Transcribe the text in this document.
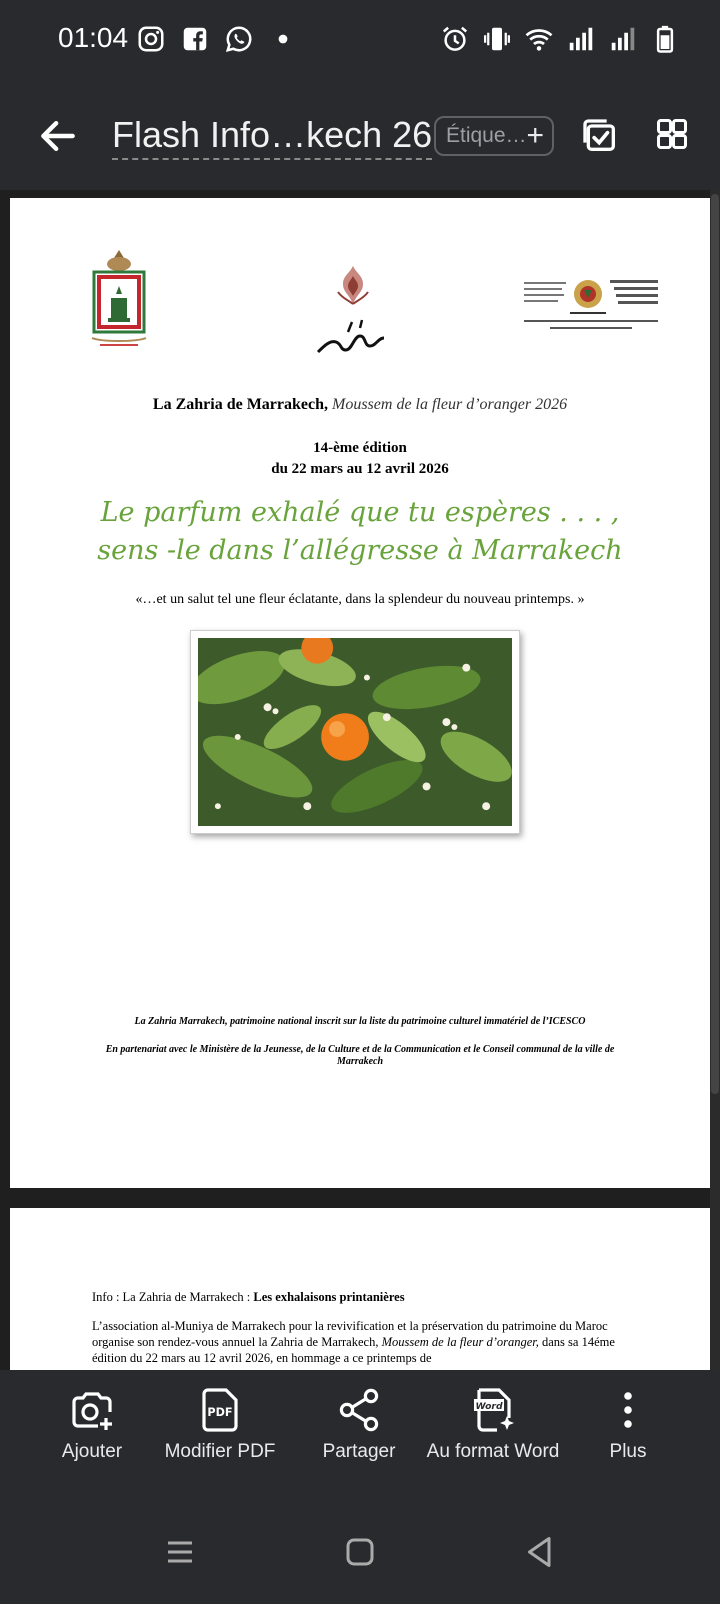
01:04
Flash Info…kech 26 Étique… +
La Zahria de Marrakech, Moussem de la fleur d’oranger 2026
14-ème édition
du 22 mars au 12 avril 2026
Le parfum exhalé que tu espères . . . , sens -le dans l’allégresse à Marrakech
«…et un salut tel une fleur éclatante, dans la splendeur du nouveau printemps. »
La Zahria Marrakech, patrimoine national inscrit sur la liste du patrimoine culturel immatériel de l’ICESCO
En partenariat avec le Ministère de la Jeunesse, de la Culture et de la Communication et le Conseil communal de la ville de Marrakech
Info : La Zahria de Marrakech : Les exhalaisons printanières
L’association al-Muniya de Marrakech pour la revivification et la préservation du patrimoine du Maroc organise son rendez-vous annuel la Zahria de Marrakech, Moussem de la fleur d’oranger, dans sa 14éme édition du 22 mars au 12 avril 2026, en hommage a ce printemps de
Ajouter
PDF
Modifier PDF	Partager
Word
Au format Word	Plus
